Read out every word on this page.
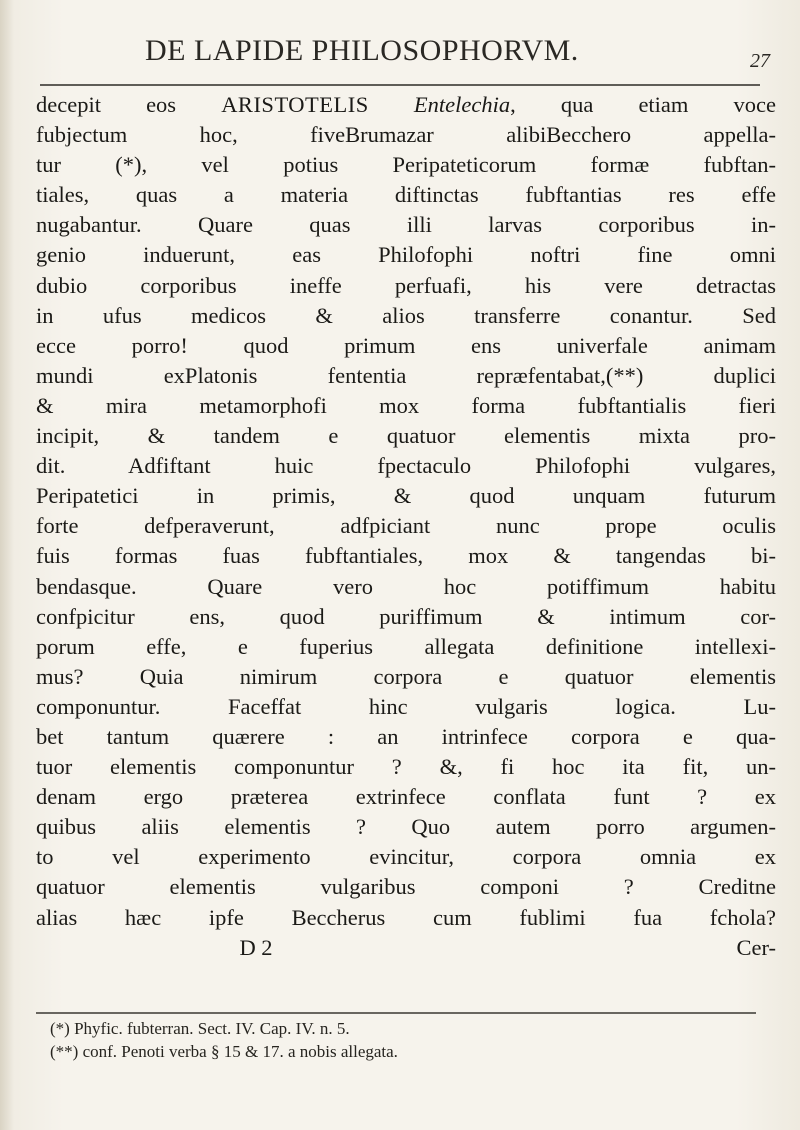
DE LAPIDE PHILOSOPHORVM.	27
decepit eos ARISTOTELIS Entelechia, qua etiam voce
fubjectum hoc, fiveBrumazar alibiBecchero appella-
tur (*), vel potius Peripateticorum formæ fubftan-
tiales, quas a materia diftinctas fubftantias res effe
nugabantur. Quare quas illi larvas corporibus in-
genio induerunt, eas Philofophi noftri fine omni
dubio corporibus ineffe perfuafi, his vere detractas
in ufus medicos & alios transferre conantur. Sed
ecce porro! quod primum ens univerfale animam
mundi exPlatonis fententia repræfentabat,(**) duplici
& mira metamorphofi mox forma fubftantialis fieri
incipit, & tandem e quatuor elementis mixta pro-
dit. Adfiftant huic fpectaculo Philofophi vulgares,
Peripatetici in primis, & quod unquam futurum
forte defperaverunt, adfpiciant nunc prope oculis
fuis formas fuas fubftantiales, mox & tangendas bi-
bendasque. Quare vero hoc potiffimum habitu
confpicitur ens, quod puriffimum & intimum cor-
porum effe, e fuperius allegata definitione intellexi-
mus? Quia nimirum corpora e quatuor elementis
componuntur. Faceffat hinc vulgaris logica. Lu-
bet tantum quærere : an intrinfece corpora e qua-
tuor elementis componuntur ? &, fi hoc ita fit, un-
denam ergo præterea extrinfece conflata funt ? ex
quibus aliis elementis ? Quo autem porro argumen-
to vel experimento evincitur, corpora omnia ex
quatuor elementis vulgaribus componi ? Creditne
alias hæc ipfe Beccherus cum fublimi fua fchola?
D 2	Cer-
(*) Phyfic. fubterran. Sect. IV. Cap. IV. n. 5.
(**) conf. Penoti verba § 15 & 17. a nobis allegata.
